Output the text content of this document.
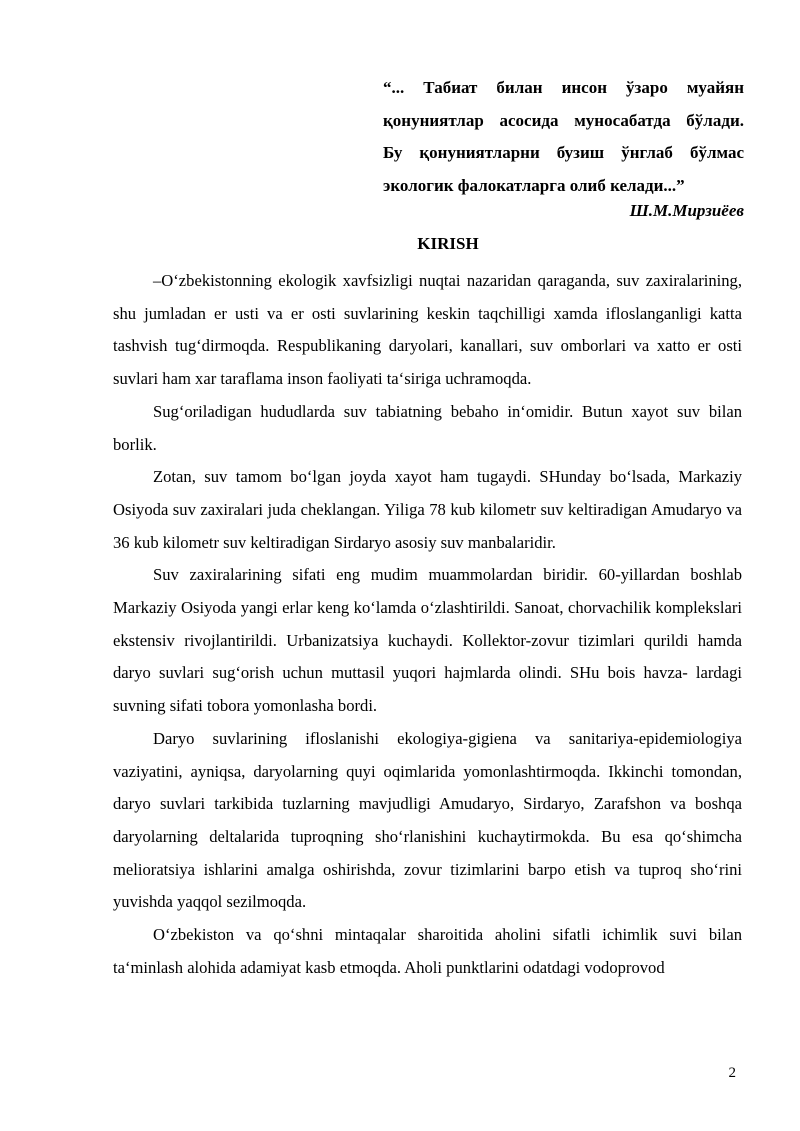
“... Табиат билан инсон ўзаро муайян
қонуниятлар асосида муносабатда бўлади.
Бу қонуниятларни бузиш ўнглаб бўлмас
экологик фалокатларга олиб келади...”
Ш.М.Мирзиёев
KIRISH

–O‘zbekistonning ekologik xavfsizligi nuqtai nazaridan qaraganda, suv zaxiralarining, shu jumladan er usti va er osti suvlarining keskin taqchilligi xamda ifloslanganligi katta tashvish tug‘dirmoqda. Respublikaning daryolari, kanallari, suv omborlari va xatto er osti suvlari ham xar taraflama inson faoliyati ta‘siriga uchramoqda.

Sug‘oriladigan hududlarda suv tabiatning bebaho in‘omidir. Butun xayot suv bilan borlik.

Zotan, suv tamom bo‘lgan joyda xayot ham tugaydi. SHunday bo‘lsada, Markaziy Osiyoda suv zaxiralari juda cheklangan. Yiliga 78 kub kilometr suv keltiradigan Amudaryo va 36 kub kilometr suv keltiradigan Sirdaryo asosiy suv manbalaridir.

Suv zaxiralarining sifati eng mudim muammolardan biridir. 60-yillardan boshlab Markaziy Osiyoda yangi erlar keng ko‘lamda o‘zlashtirildi. Sanoat, chorvachilik komplekslari ekstensiv rivojlantirildi. Urbanizatsiya kuchaydi. Kollektor-zovur tizimlari qurildi hamda daryo suvlari sug‘orish uchun muttasil yuqori hajmlarda olindi. SHu bois havza- lardagi suvning sifati tobora yomonlasha bordi.

Daryo suvlarining ifloslanishi ekologiya-gigiena va sanitariya-epidemiologiya vaziyatini, ayniqsa, daryolarning quyi oqimlarida yomonlashtirmoqda. Ikkinchi tomondan, daryo suvlari tarkibida tuzlarning mavjudligi Amudaryo, Sirdaryo, Zarafshon va boshqa daryolarning deltalarida tuproqning sho‘rlanishini kuchaytirmokda. Bu esa qo‘shimcha melioratsiya ishlarini amalga oshirishda, zovur tizimlarini barpo etish va tuproq sho‘rini yuvishda yaqqol sezilmoqda.

O‘zbekiston va qo‘shni mintaqalar sharoitida aholini sifatli ichimlik suvi bilan ta‘minlash alohida adamiyat kasb etmoqda. Aholi punktlarini odatdagi vodoprovod

2
